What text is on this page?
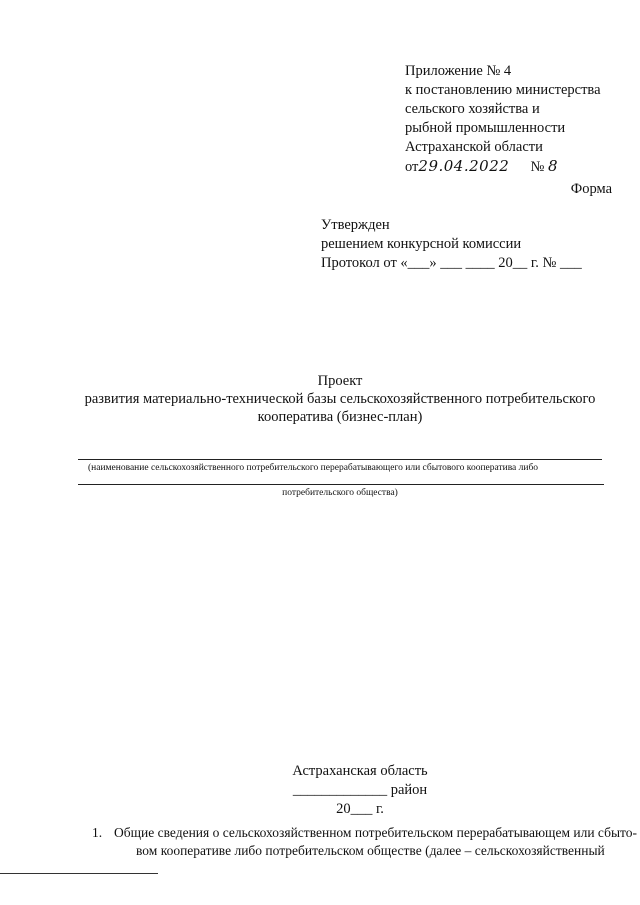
Приложение № 4
к постановлению министерства
сельского хозяйства и
рыбной промышленности
Астраханской области
от29.04.2022 № 8
Форма
Утвержден
решением конкурсной комиссии
Протокол от «___» ___ ____ 20__ г. № ___
Проект
развития материально-технической базы сельскохозяйственного потребительского
кооператива (бизнес-план)
(наименование сельскохозяйственного потребительского перерабатывающего или сбытового кооператива либо
потребительского общества)
Астраханская область
_____________ район
20___ г.
1. Общие сведения о сельскохозяйственном потребительском перерабатывающем или сбыто-
вом кооперативе либо потребительском обществе (далее – сельскохозяйственный
